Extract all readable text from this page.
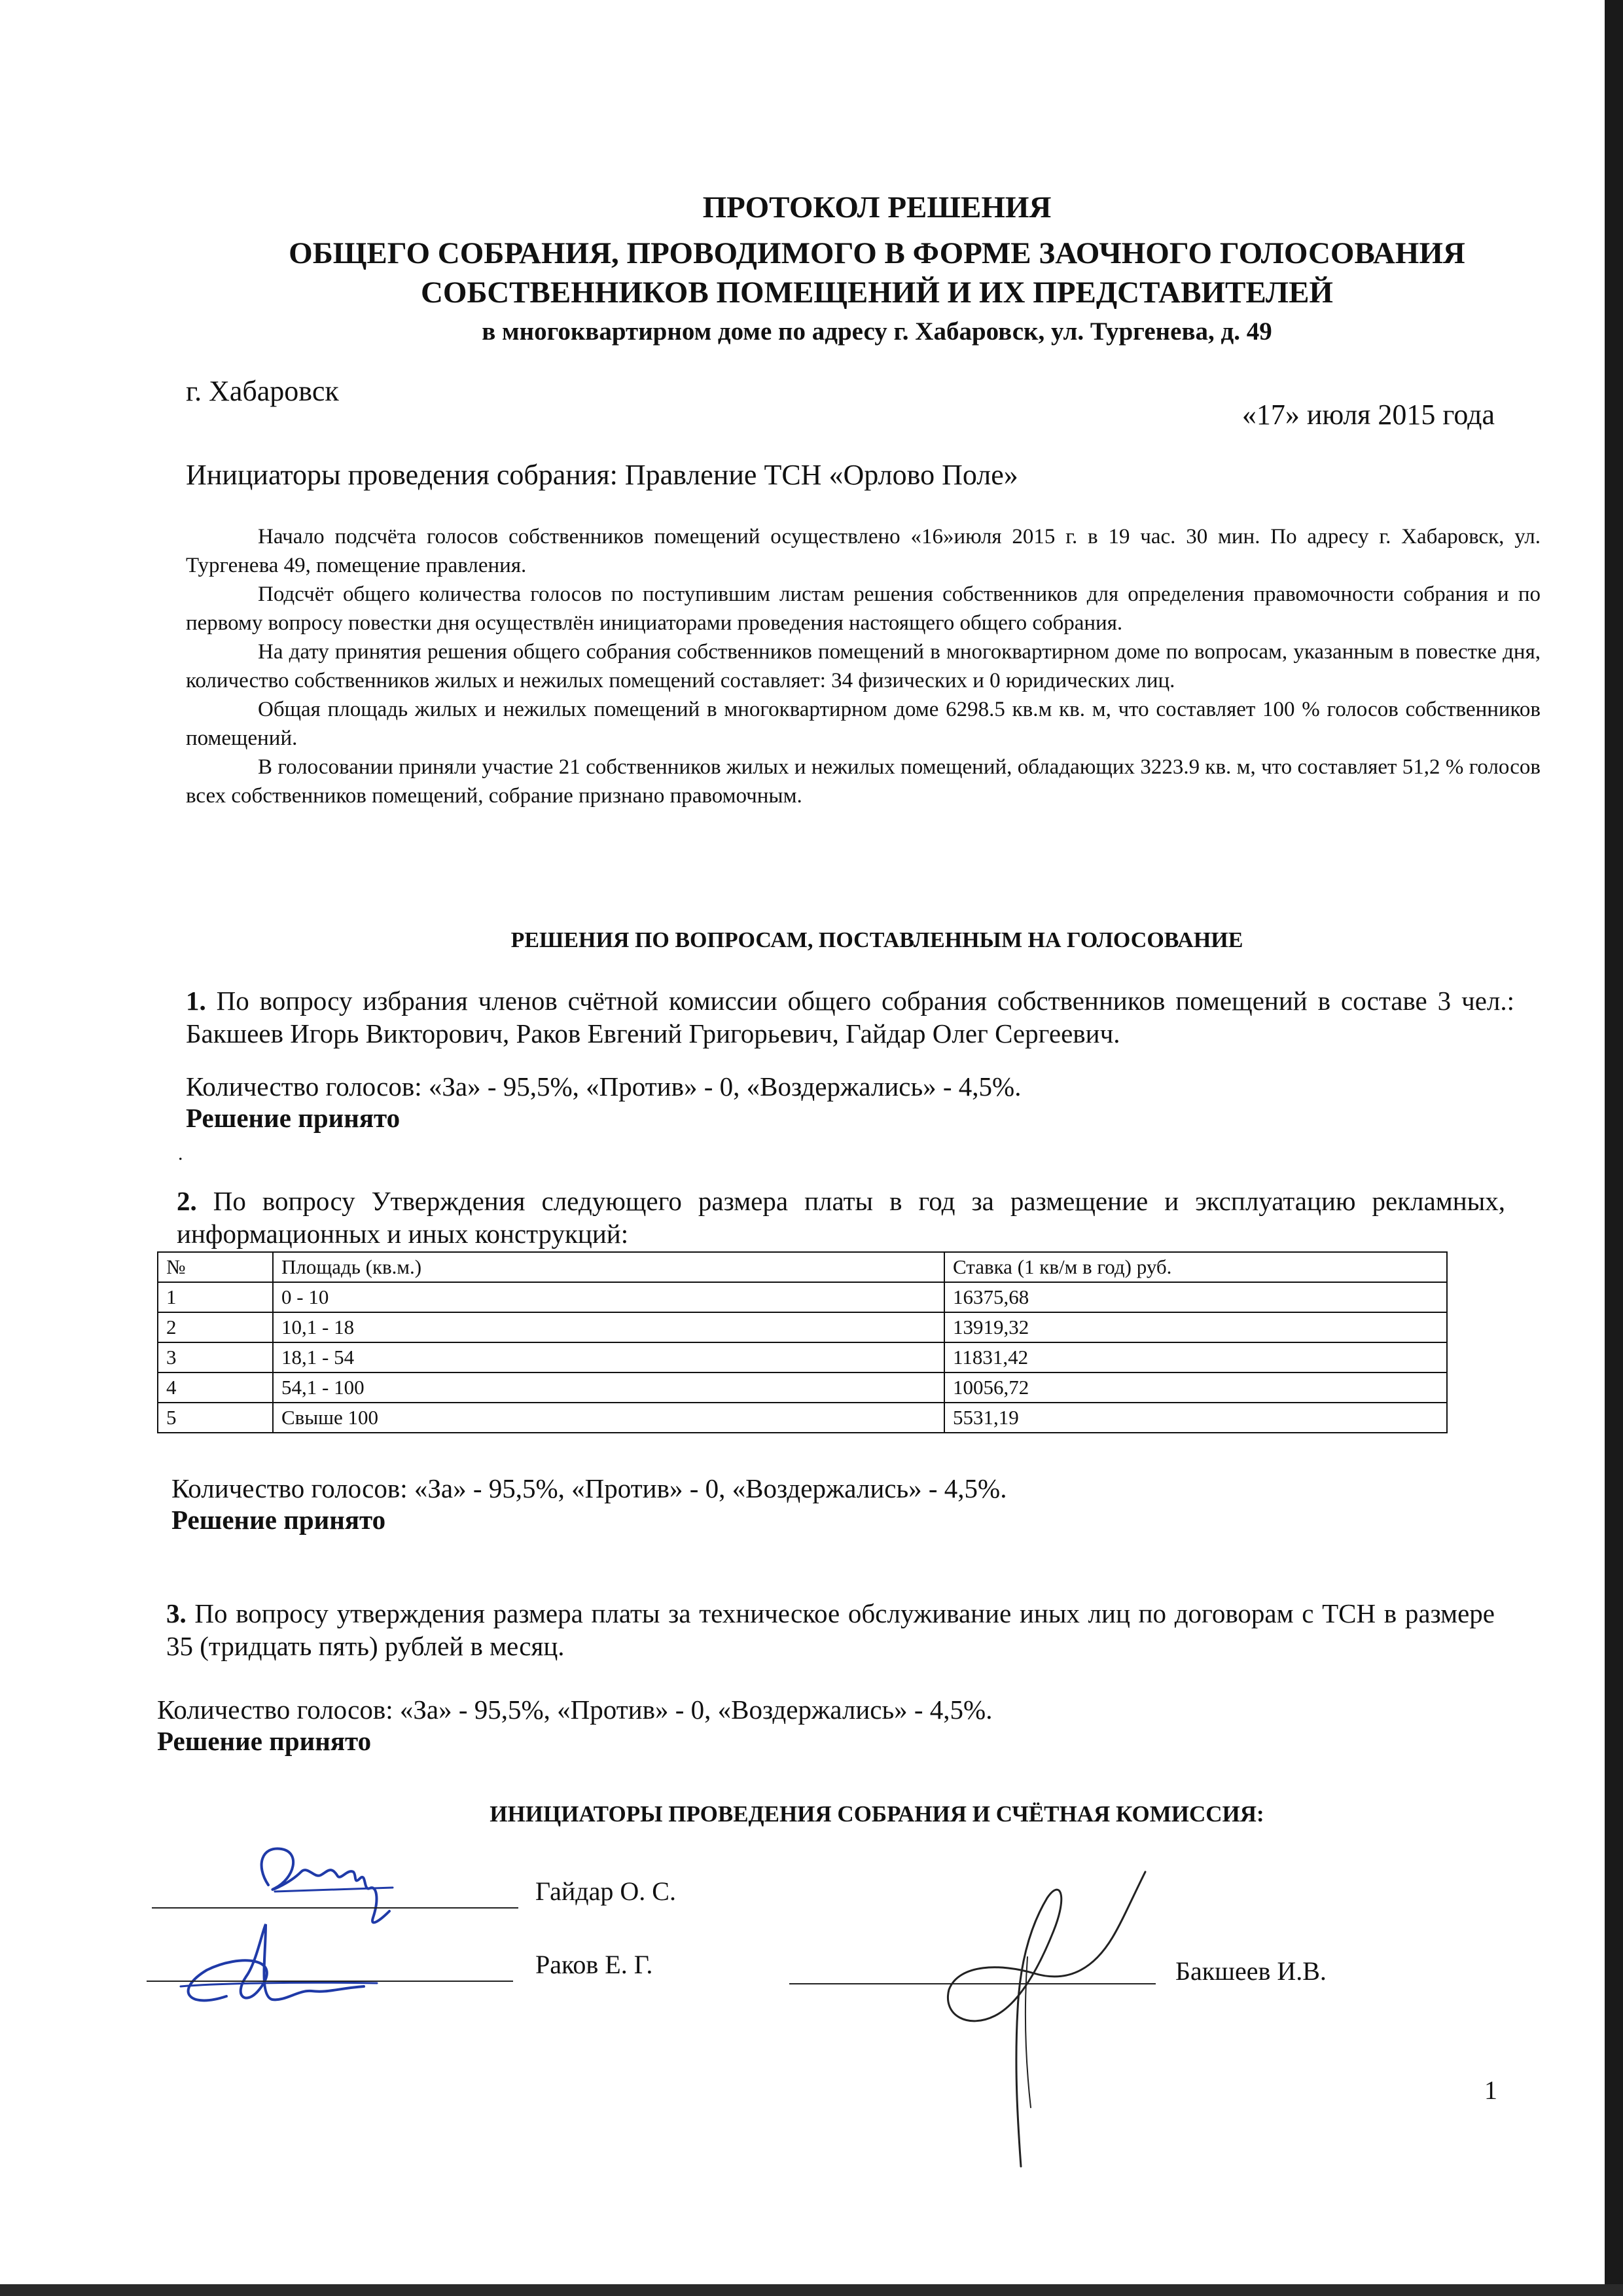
ПРОТОКОЛ РЕШЕНИЯ

ОБЩЕГО СОБРАНИЯ, ПРОВОДИМОГО В ФОРМЕ ЗАОЧНОГО ГОЛОСОВАНИЯ

СОБСТВЕННИКОВ ПОМЕЩЕНИЙ И ИХ ПРЕДСТАВИТЕЛЕЙ

в многоквартирном доме по адресу г. Хабаровск, ул. Тургенева, д. 49

г. Хабаровск
«17» июля 2015 года
Инициаторы проведения собрания: Правление ТСН «Орлово Поле»

Начало подсчёта голосов собственников помещений осуществлено «16»июля 2015 г. в 19 час. 30 мин. По адресу г. Хабаровск, ул. Тургенева 49, помещение правления.

Подсчёт общего количества голосов по поступившим листам решения собственников для определения правомочности собрания и по первому вопросу повестки дня осуществлён инициаторами проведения настоящего общего собрания.

На дату принятия решения общего собрания собственников помещений в многоквартирном доме по вопросам, указанным в повестке дня, количество собственников жилых и нежилых помещений составляет: 34 физических и 0 юридических лиц.

Общая площадь жилых и нежилых помещений в многоквартирном доме 6298.5 кв.м кв. м, что составляет 100 % голосов собственников помещений.

В голосовании приняли участие 21 собственников жилых и нежилых помещений, обладающих 3223.9 кв. м, что составляет 51,2 % голосов всех собственников помещений, собрание признано правомочным.

РЕШЕНИЯ ПО ВОПРОСАМ, ПОСТАВЛЕННЫМ НА ГОЛОСОВАНИЕ
1. По вопросу избрания членов счётной комиссии общего собрания собственников помещений в составе 3 чел.: Бакшеев Игорь Викторович, Раков Евгений Григорьевич, Гайдар Олег Сергеевич.
Количество голосов: «За» - 95,5%, «Против» - 0, «Воздержались» - 4,5%.
Решение принято
.
2. По вопросу Утверждения следующего размера платы в год за размещение и эксплуатацию рекламных, информационных и иных конструкций:
№	Площадь (кв.м.)	Ставка (1 кв/м в год) руб.
1	0 - 10	16375,68
2	10,1 - 18	13919,32
3	18,1 - 54	11831,42
4	54,1 - 100	10056,72
5	Свыше 100	5531,19
Количество голосов: «За» - 95,5%, «Против» - 0, «Воздержались» - 4,5%.
Решение принято
3. По вопросу утверждения размера платы за техническое обслуживание иных лиц по договорам с ТСН в размере 35 (тридцать пять) рублей в месяц.
Количество голосов: «За» - 95,5%, «Против» - 0, «Воздержались» - 4,5%.
Решение принято
ИНИЦИАТОРЫ ПРОВЕДЕНИЯ СОБРАНИЯ И СЧЁТНАЯ КОМИССИЯ:
Гайдар О. С.
Раков Е. Г.	Бакшеев И.В.
1
